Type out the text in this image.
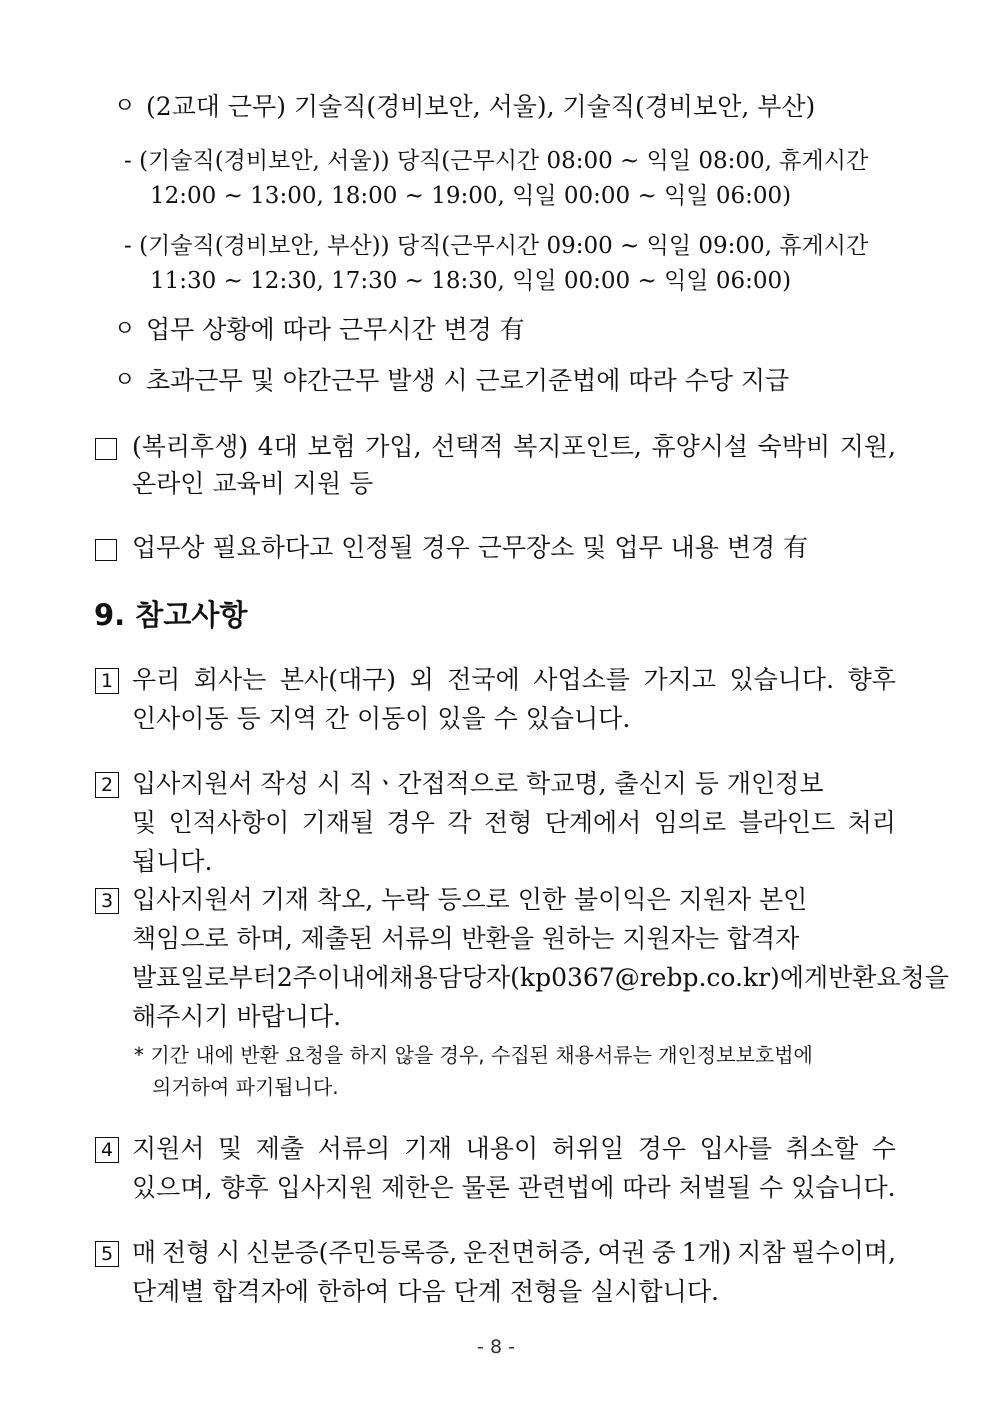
ㅇ (2교대 근무) 기술직(경비보안, 서울), 기술직(경비보안, 부산)
- (기술직(경비보안, 서울)) 당직(근무시간 08:00 ~ 익일 08:00, 휴게시간
12:00 ~ 13:00, 18:00 ~ 19:00, 익일 00:00 ~ 익일 06:00)
- (기술직(경비보안, 부산)) 당직(근무시간 09:00 ~ 익일 09:00, 휴게시간
11:30 ~ 12:30, 17:30 ~ 18:30, 익일 00:00 ~ 익일 06:00)
ㅇ 업무 상황에 따라 근무시간 변경 有
ㅇ 초과근무 및 야간근무 발생 시 근로기준법에 따라 수당 지급
(복리후생) 4대 보험 가입, 선택적 복지포인트, 휴양시설 숙박비 지원,
온라인 교육비 지원 등
업무상 필요하다고 인정될 경우 근무장소 및 업무 내용 변경 有
9. 참고사항
1 우리 회사는 본사(대구) 외 전국에 사업소를 가지고 있습니다. 향후
인사이동 등 지역 간 이동이 있을 수 있습니다.
2 입사지원서 작성 시 직ㆍ간접적으로 학교명, 출신지 등 개인정보
및 인적사항이 기재될 경우 각 전형 단계에서 임의로 블라인드 처리
됩니다.
3 입사지원서 기재 착오, 누락 등으로 인한 불이익은 지원자 본인
책임으로 하며, 제출된 서류의 반환을 원하는 지원자는 합격자
발표일로부터 2주 이내에 채용담당자(kp0367@rebp.co.kr)에게 반환 요청을
해주시기 바랍니다.
* 기간 내에 반환 요청을 하지 않을 경우, 수집된 채용서류는 개인정보보호법에
의거하여 파기됩니다.
4 지원서 및 제출 서류의 기재 내용이 허위일 경우 입사를 취소할 수
있으며, 향후 입사지원 제한은 물론 관련법에 따라 처벌될 수 있습니다.
5 매 전형 시 신분증(주민등록증, 운전면허증, 여권 중 1개) 지참 필수이며,
단계별 합격자에 한하여 다음 단계 전형을 실시합니다.
- 8 -
